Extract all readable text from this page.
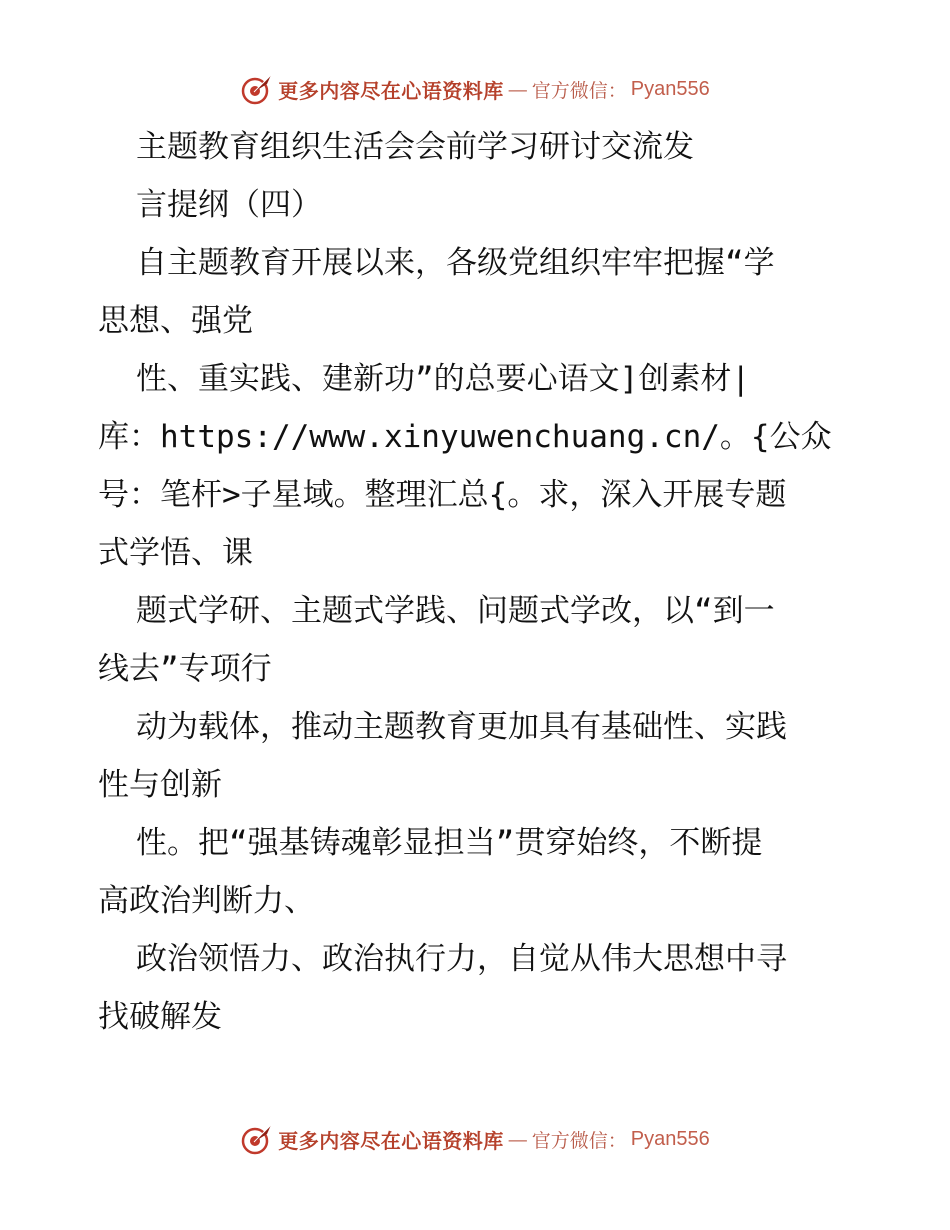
更多内容尽在心语资料库 — 官方微信： Pyan556
主题教育组织生活会会前学习研讨交流发
言提纲（四）
自主题教育开展以来，各级党组织牢牢把握“学
思想、强党
性、重实践、建新功”的总要心语文]创素材|
库：https://www.xinyuwenchuang.cn/。{公众
号：笔杆>子星域。整理汇总{。求，深入开展专题
式学悟、课
题式学研、主题式学践、问题式学改，以“到一
线去”专项行
动为载体，推动主题教育更加具有基础性、实践
性与创新
性。把“强基铸魂彰显担当”贯穿始终，不断提
高政治判断力、
政治领悟力、政治执行力，自觉从伟大思想中寻
找破解发
更多内容尽在心语资料库 — 官方微信： Pyan556
